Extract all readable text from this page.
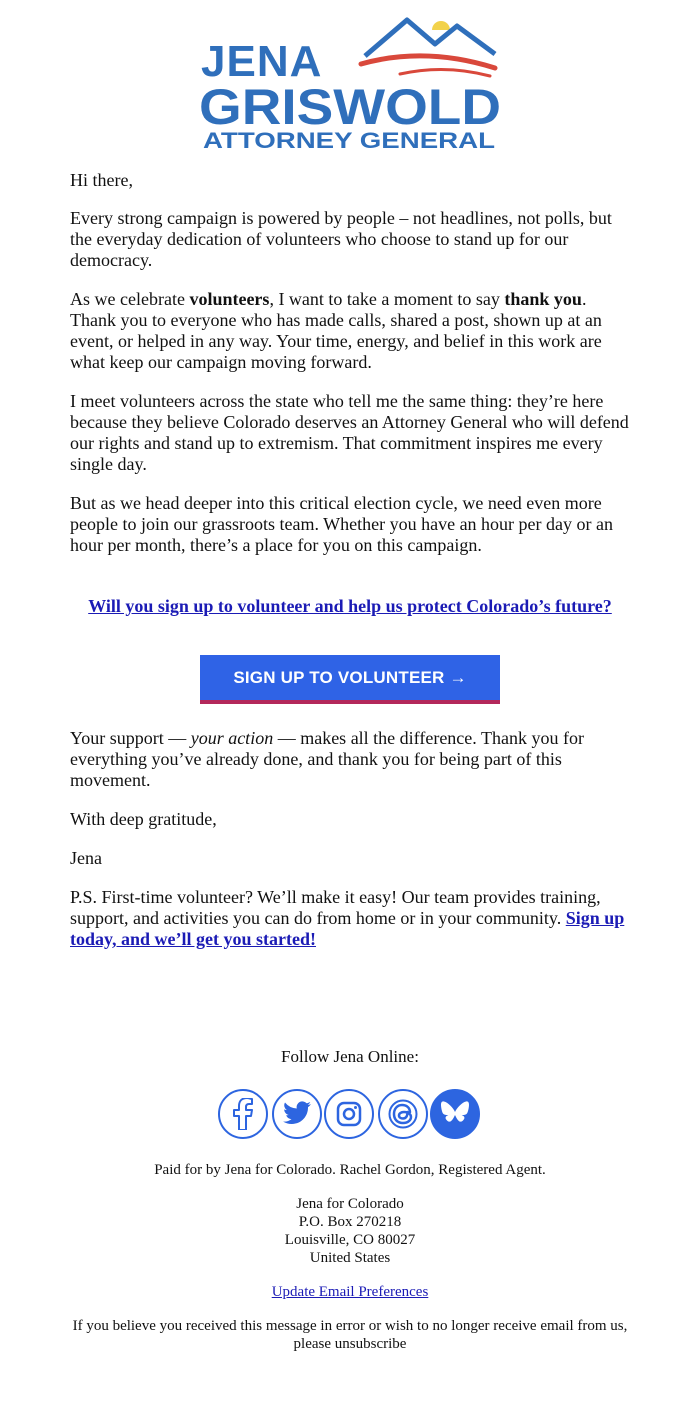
JENA
GRISWOLD
ATTORNEY GENERAL

Hi there,

Every strong campaign is powered by people – not headlines, not polls, but the everyday dedication of volunteers who choose to stand up for our democracy.

As we celebrate volunteers, I want to take a moment to say thank you. Thank you to everyone who has made calls, shared a post, shown up at an event, or helped in any way. Your time, energy, and belief in this work are what keep our campaign moving forward.

I meet volunteers across the state who tell me the same thing: they’re here because they believe Colorado deserves an Attorney General who will defend our rights and stand up to extremism. That commitment inspires me every single day.

But as we head deeper into this critical election cycle, we need even more people to join our grassroots team. Whether you have an hour per day or an hour per month, there’s a place for you on this campaign.

Will you sign up to volunteer and help us protect Colorado’s future?
SIGN UP TO VOLUNTEER →

Your support — your action — makes all the difference. Thank you for everything you’ve already done, and thank you for being part of this movement.

With deep gratitude,

Jena

P.S. First-time volunteer? We’ll make it easy! Our team provides training, support, and activities you can do from home or in your community. Sign up today, and we’ll get you started!

Follow Jena Online:
Paid for by Jena for Colorado. Rachel Gordon, Registered Agent.
Jena for Colorado
P.O. Box 270218
Louisville, CO 80027
United States
Update Email Preferences
If you believe you received this message in error or wish to no longer receive email from us, please unsubscribe
